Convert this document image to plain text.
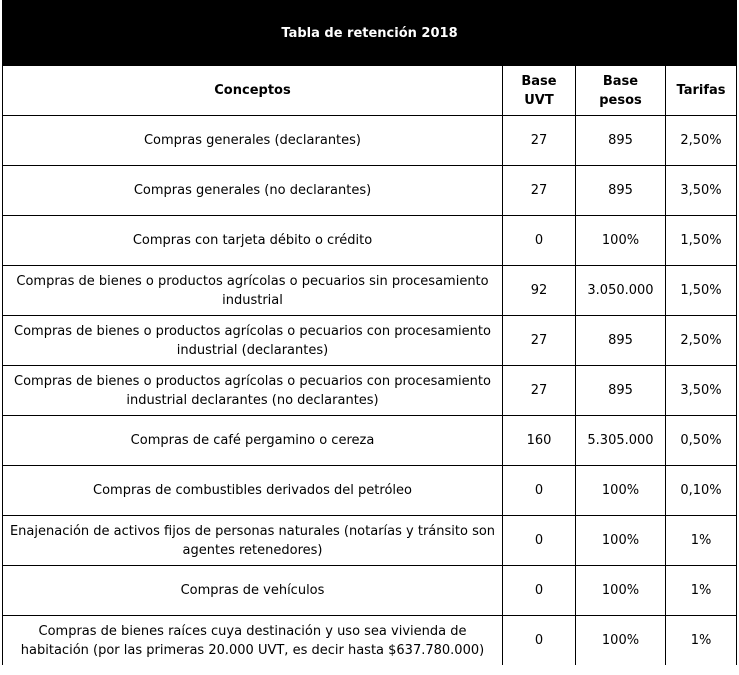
Tabla de retención 2018			
Conceptos	Base UVT	Base pesos	Tarifas
Compras generales (declarantes)	27	895	2,50%
Compras generales (no declarantes)	27	895	3,50%
Compras con tarjeta débito o crédito	0	100%	1,50%
Compras de bienes o productos agrícolas o pecuarios sin procesamiento industrial	92	3.050.000	1,50%
Compras de bienes o productos agrícolas o pecuarios con procesamiento industrial (declarantes)	27	895	2,50%
Compras de bienes o productos agrícolas o pecuarios con procesamiento industrial declarantes (no declarantes)	27	895	3,50%
Compras de café pergamino o cereza	160	5.305.000	0,50%
Compras de combustibles derivados del petróleo	0	100%	0,10%
Enajenación de activos fijos de personas naturales (notarías y tránsito son agentes retenedores)	0	100%	1%
Compras de vehículos	0	100%	1%
Compras de bienes raíces cuya destinación y uso sea vivienda de habitación (por las primeras 20.000 UVT, es decir hasta $637.780.000)	0	100%	1%
